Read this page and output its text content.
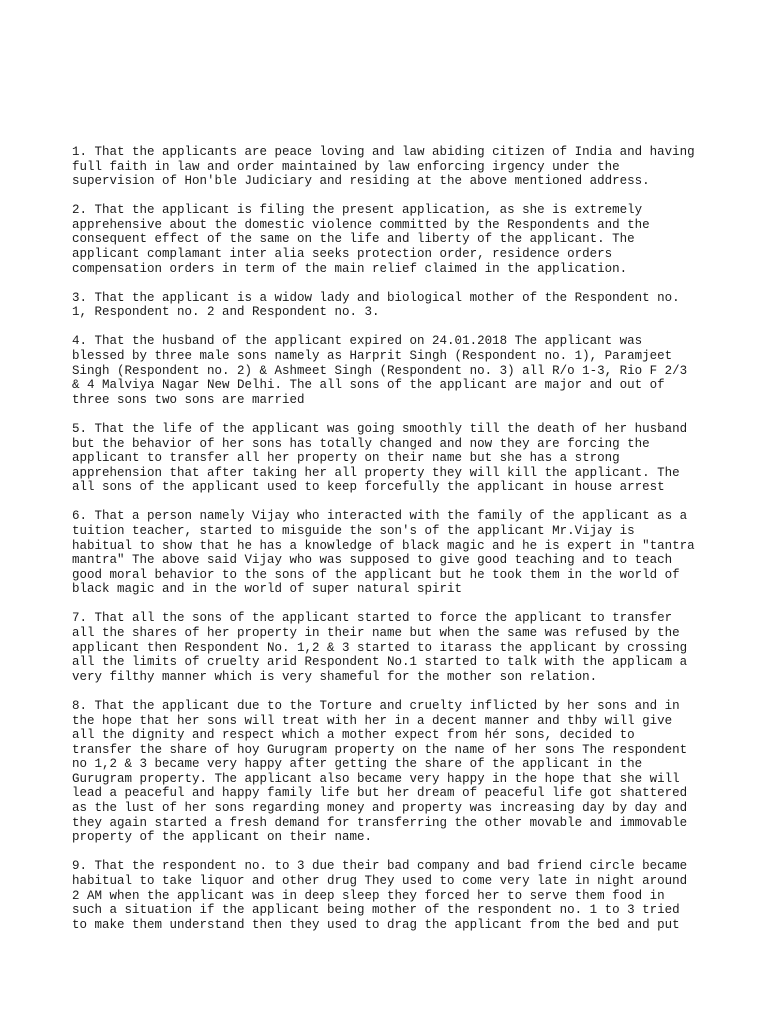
1. That the applicants are peace loving and law abiding citizen of India and having
full faith in law and order maintained by law enforcing irgency under the
supervision of Hon'ble Judiciary and residing at the above mentioned address.
2. That the applicant is filing the present application, as she is extremely
apprehensive about the domestic violence committed by the Respondents and the
consequent effect of the same on the life and liberty of the applicant. The
applicant complamant inter alia seeks protection order, residence orders
compensation orders in term of the main relief claimed in the application.
3. That the applicant is a widow lady and biological mother of the Respondent no.
1, Respondent no. 2 and Respondent no. 3.
4. That the husband of the applicant expired on 24.01.2018 The applicant was
blessed by three male sons namely as Harprit Singh (Respondent no. 1), Paramjeet
Singh (Respondent no. 2) & Ashmeet Singh (Respondent no. 3) all R/o 1-3, Rio F 2/3
& 4 Malviya Nagar New Delhi. The all sons of the applicant are major and out of
three sons two sons are married
5. That the life of the applicant was going smoothly till the death of her husband
but the behavior of her sons has totally changed and now they are forcing the
applicant to transfer all her property on their name but she has a strong
apprehension that after taking her all property they will kill the applicant. The
all sons of the applicant used to keep forcefully the applicant in house arrest
6. That a person namely Vijay who interacted with the family of the applicant as a
tuition teacher, started to misguide the son's of the applicant Mr.Vijay is
habitual to show that he has a knowledge of black magic and he is expert in "tantra
mantra" The above said Vijay who was supposed to give good teaching and to teach
good moral behavior to the sons of the applicant but he took them in the world of
black magic and in the world of super natural spirit
7. That all the sons of the applicant started to force the applicant to transfer
all the shares of her property in their name but when the same was refused by the
applicant then Respondent No. 1,2 & 3 started to itarass the applicant by crossing
all the limits of cruelty arid Respondent No.1 started to talk with the applicam a
very filthy manner which is very shameful for the mother son relation.
8. That the applicant due to the Torture and cruelty inflicted by her sons and in
the hope that her sons will treat with her in a decent manner and thby will give
all the dignity and respect which a mother expect from hér sons, decided to
transfer the share of hoy Gurugram property on the name of her sons The respondent
no 1,2 & 3 became very happy after getting the share of the applicant in the
Gurugram property. The applicant also became very happy in the hope that she will
lead a peaceful and happy family life but her dream of peaceful life got shattered
as the lust of her sons regarding money and property was increasing day by day and
they again started a fresh demand for transferring the other movable and immovable
property of the applicant on their name.
9. That the respondent no. to 3 due their bad company and bad friend circle became
habitual to take liquor and other drug They used to come very late in night around
2 AM when the applicant was in deep sleep they forced her to serve them food in
such a situation if the applicant being mother of the respondent no. 1 to 3 tried
to make them understand then they used to drag the applicant from the bed and put
